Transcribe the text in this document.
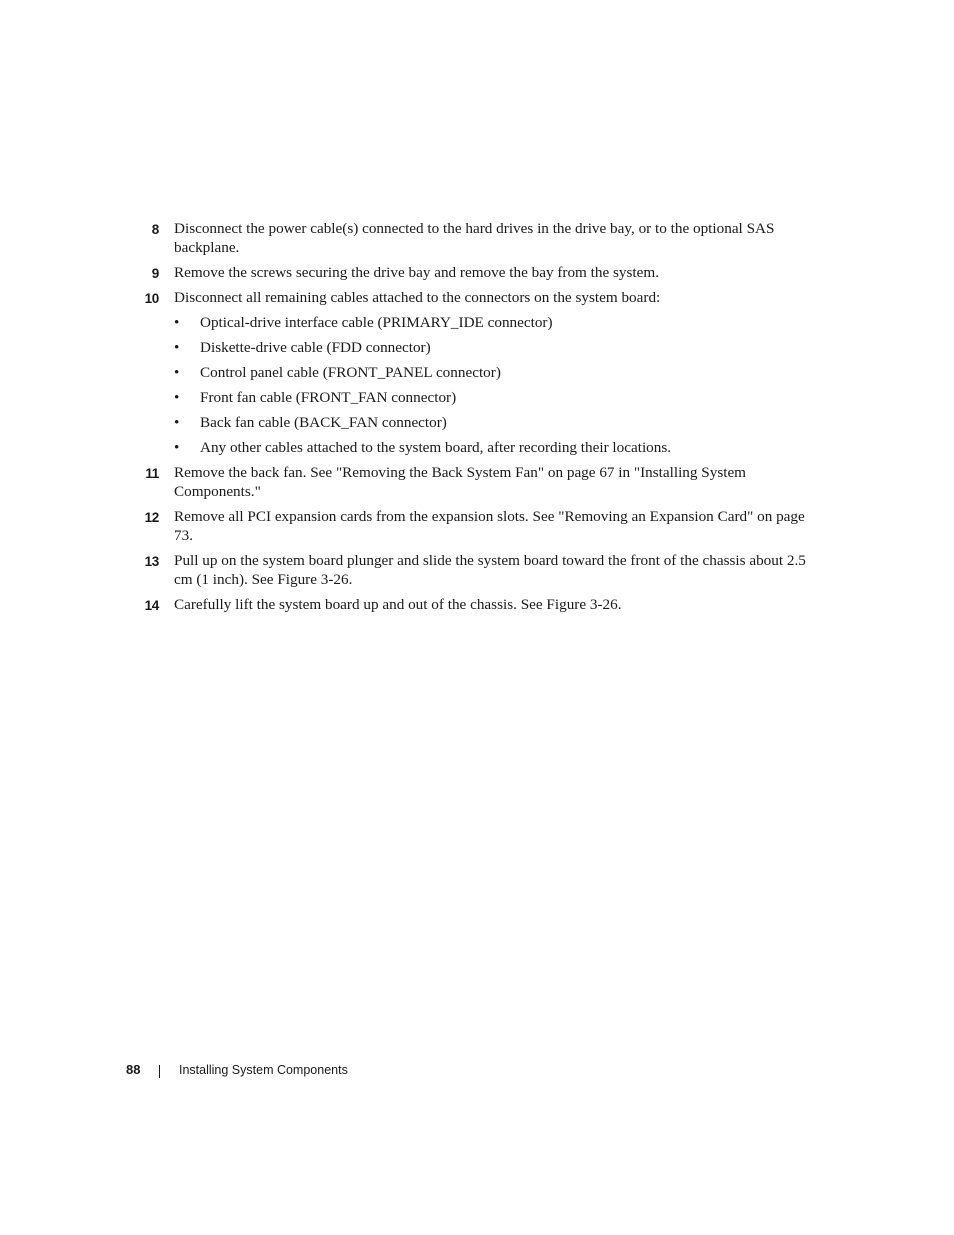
8 Disconnect the power cable(s) connected to the hard drives in the drive bay, or to the optional SAS backplane.
9 Remove the screws securing the drive bay and remove the bay from the system.
10 Disconnect all remaining cables attached to the connectors on the system board:
• Optical-drive interface cable (PRIMARY_IDE connector)
• Diskette-drive cable (FDD connector)
• Control panel cable (FRONT_PANEL connector)
• Front fan cable (FRONT_FAN connector)
• Back fan cable (BACK_FAN connector)
• Any other cables attached to the system board, after recording their locations.
11 Remove the back fan. See "Removing the Back System Fan" on page 67 in "Installing System Components."
12 Remove all PCI expansion cards from the expansion slots. See "Removing an Expansion Card" on page 73.
13 Pull up on the system board plunger and slide the system board toward the front of the chassis about 2.5 cm (1 inch). See Figure 3-26.
14 Carefully lift the system board up and out of the chassis. See Figure 3-26.
88	Installing System Components
